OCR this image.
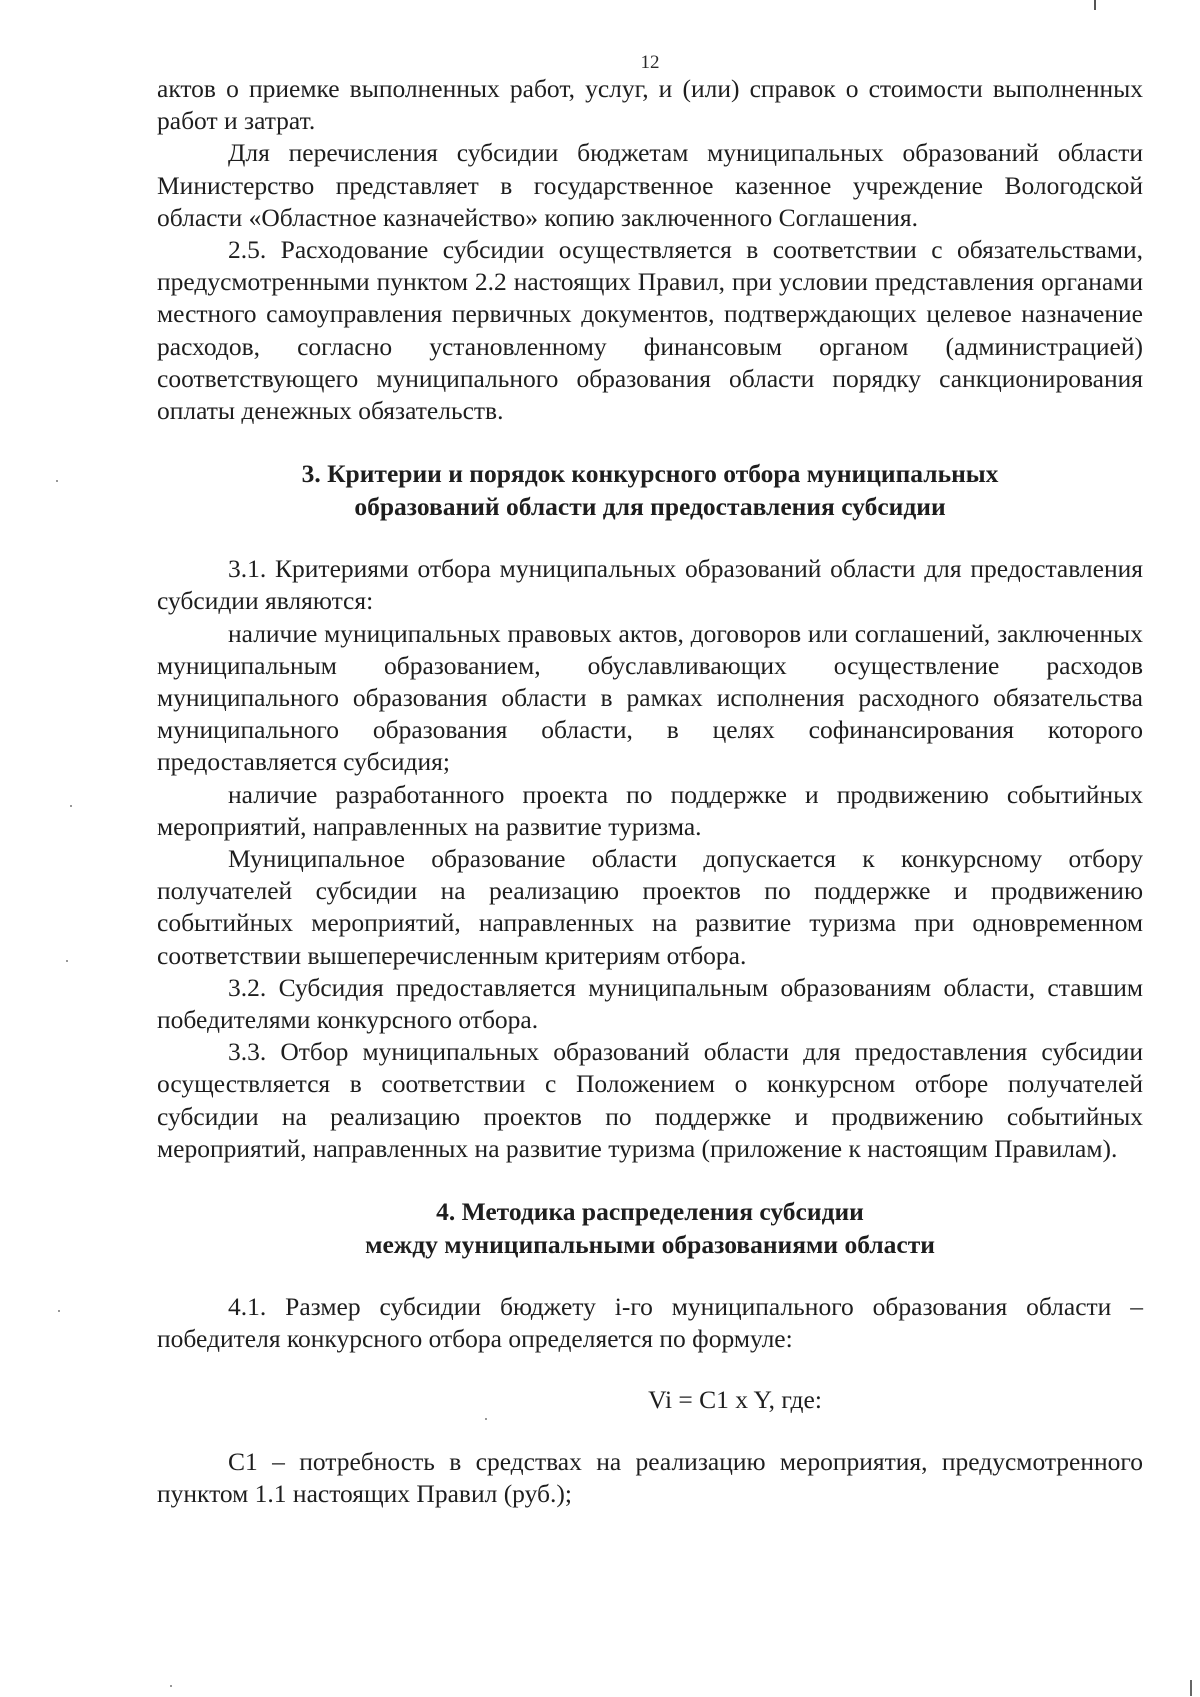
12

актов о приемке выполненных работ, услуг, и (или) справок о стоимости выполненных работ и затрат.

Для перечисления субсидии бюджетам муниципальных образований области Министерство представляет в государственное казенное учреждение Вологодской области «Областное казначейство» копию заключенного Соглашения.

2.5. Расходование субсидии осуществляется в соответствии с обязательствами, предусмотренными пунктом 2.2 настоящих Правил, при условии представления органами местного самоуправления первичных документов, подтверждающих целевое назначение расходов, согласно установленному финансовым органом (администрацией) соответствующего муниципального образования области порядку санкционирования оплаты денежных обязательств.

3. Критерии и порядок конкурсного отбора муниципальных
образований области для предоставления субсидии

3.1. Критериями отбора муниципальных образований области для предоставления субсидии являются:

наличие муниципальных правовых актов, договоров или соглашений, заключенных муниципальным образованием, обуславливающих осуществление расходов муниципального образования области в рамках исполнения расходного обязательства муниципального образования области, в целях софинансирования которого предоставляется субсидия;

наличие разработанного проекта по поддержке и продвижению событийных мероприятий, направленных на развитие туризма.

Муниципальное образование области допускается к конкурсному отбору получателей субсидии на реализацию проектов по поддержке и продвижению событийных мероприятий, направленных на развитие туризма при одновременном соответствии вышеперечисленным критериям отбора.

3.2. Субсидия предоставляется муниципальным образованиям области, ставшим победителями конкурсного отбора.

3.3. Отбор муниципальных образований области для предоставления субсидии осуществляется в соответствии с Положением о конкурсном отборе получателей субсидии на реализацию проектов по поддержке и продвижению событийных мероприятий, направленных на развитие туризма (приложение к настоящим Правилам).

4. Методика распределения субсидии
между муниципальными образованиями области

4.1. Размер субсидии бюджету i-го муниципального образования области – победителя конкурсного отбора определяется по формуле:

Vi = C1 x Y, где:

C1 – потребность в средствах на реализацию мероприятия, предусмотренного пунктом 1.1 настоящих Правил (руб.);
